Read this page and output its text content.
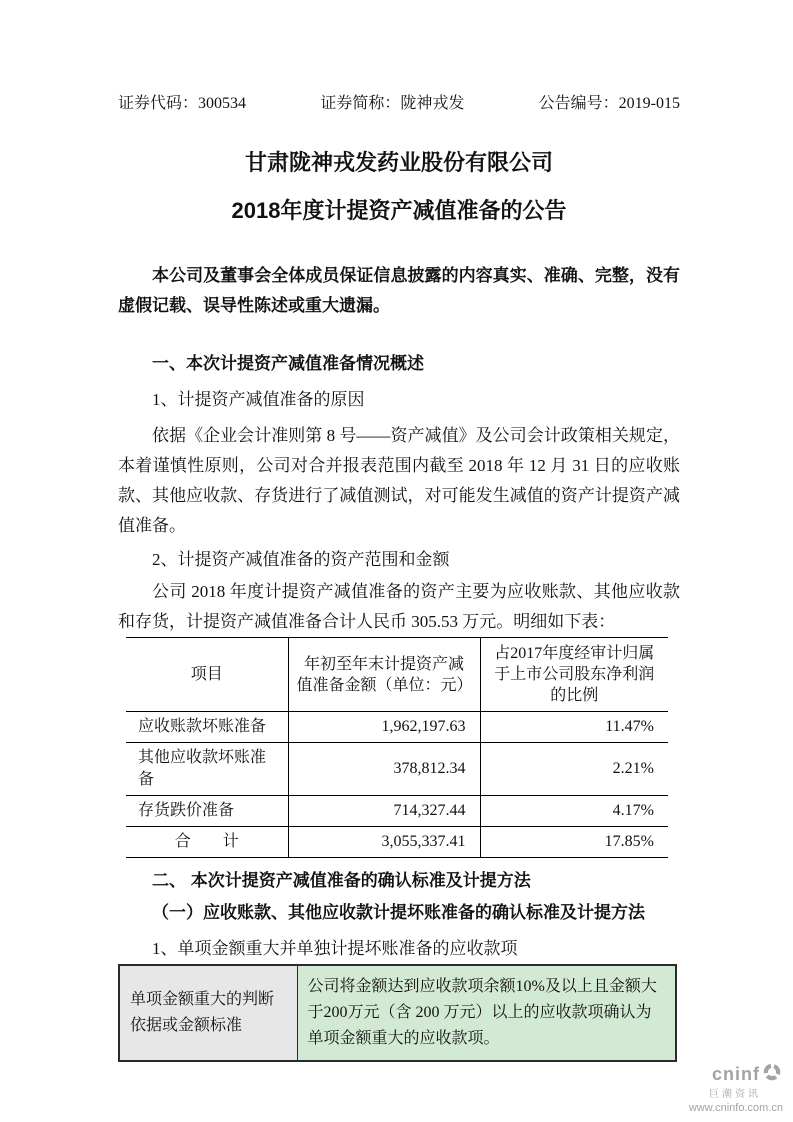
证券代码：300534	证券简称：陇神戎发	公告编号：2019-015
甘肃陇神戎发药业股份有限公司
2018年度计提资产减值准备的公告
本公司及董事会全体成员保证信息披露的内容真实、准确、完整，没有虚假记载、误导性陈述或重大遗漏。
一、本次计提资产减值准备情况概述
1、计提资产减值准备的原因
依据《企业会计准则第 8 号——资产减值》及公司会计政策相关规定，本着谨慎性原则，公司对合并报表范围内截至 2018 年 12 月 31 日的应收账款、其他应收款、存货进行了减值测试，对可能发生减值的资产计提资产减值准备。
2、计提资产减值准备的资产范围和金额
公司 2018 年度计提资产减值准备的资产主要为应收账款、其他应收款和存货，计提资产减值准备合计人民币 305.53 万元。明细如下表：
项目	年初至年末计提资产减值准备金额（单位：元）	占2017年度经审计归属于上市公司股东净利润的比例
应收账款坏账准备	1,962,197.63	11.47%
其他应收款坏账准备	378,812.34	2.21%
存货跌价准备	714,327.44	4.17%
合　　计	3,055,337.41	17.85%
二、 本次计提资产减值准备的确认标准及计提方法
（一）应收账款、其他应收款计提坏账准备的确认标准及计提方法
1、单项金额重大并单独计提坏账准备的应收款项
单项金额重大的判断依据或金额标准	公司将金额达到应收款项余额10%及以上且金额大于200万元（含 200 万元）以上的应收款项确认为单项金额重大的应收款项。
cninf
巨潮资讯
www.cninfo.com.cn
